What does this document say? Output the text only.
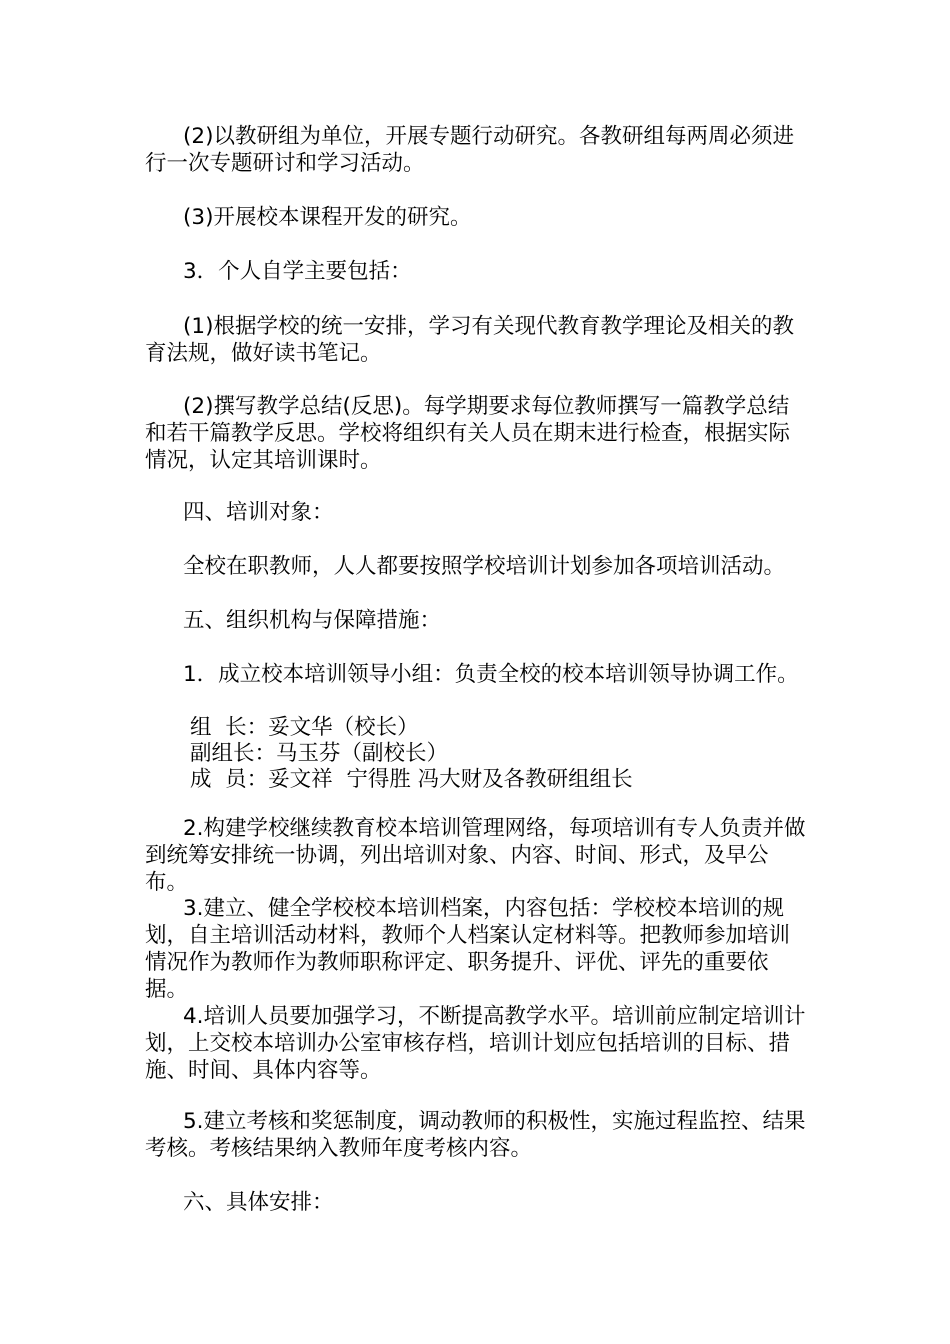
(2)以教研组为单位，开展专题行动研究。各教研组每两周必须进行一次专题研讨和学习活动。
(3)开展校本课程开发的研究。
3．个人自学主要包括：
(1)根据学校的统一安排，学习有关现代教育教学理论及相关的教育法规，做好读书笔记。
(2)撰写教学总结(反思)。每学期要求每位教师撰写一篇教学总结和若干篇教学反思。学校将组织有关人员在期末进行检查，根据实际情况，认定其培训课时。
四、培训对象：
全校在职教师，人人都要按照学校培训计划参加各项培训活动。
五、组织机构与保障措施：
1．成立校本培训领导小组：负责全校的校本培训领导协调工作。
组  长：妥文华（校长）
副组长：马玉芬（副校长）
成  员：妥文祥  宁得胜 冯大财及各教研组组长
2.构建学校继续教育校本培训管理网络，每项培训有专人负责并做到统筹安排统一协调，列出培训对象、内容、时间、形式，及早公布。
3.建立、健全学校校本培训档案，内容包括：学校校本培训的规划，自主培训活动材料，教师个人档案认定材料等。把教师参加培训情况作为教师作为教师职称评定、职务提升、评优、评先的重要依据。
4.培训人员要加强学习，不断提高教学水平。培训前应制定培训计划，上交校本培训办公室审核存档，培训计划应包括培训的目标、措施、时间、具体内容等。
5.建立考核和奖惩制度，调动教师的积极性，实施过程监控、结果考核。考核结果纳入教师年度考核内容。
六、具体安排：
